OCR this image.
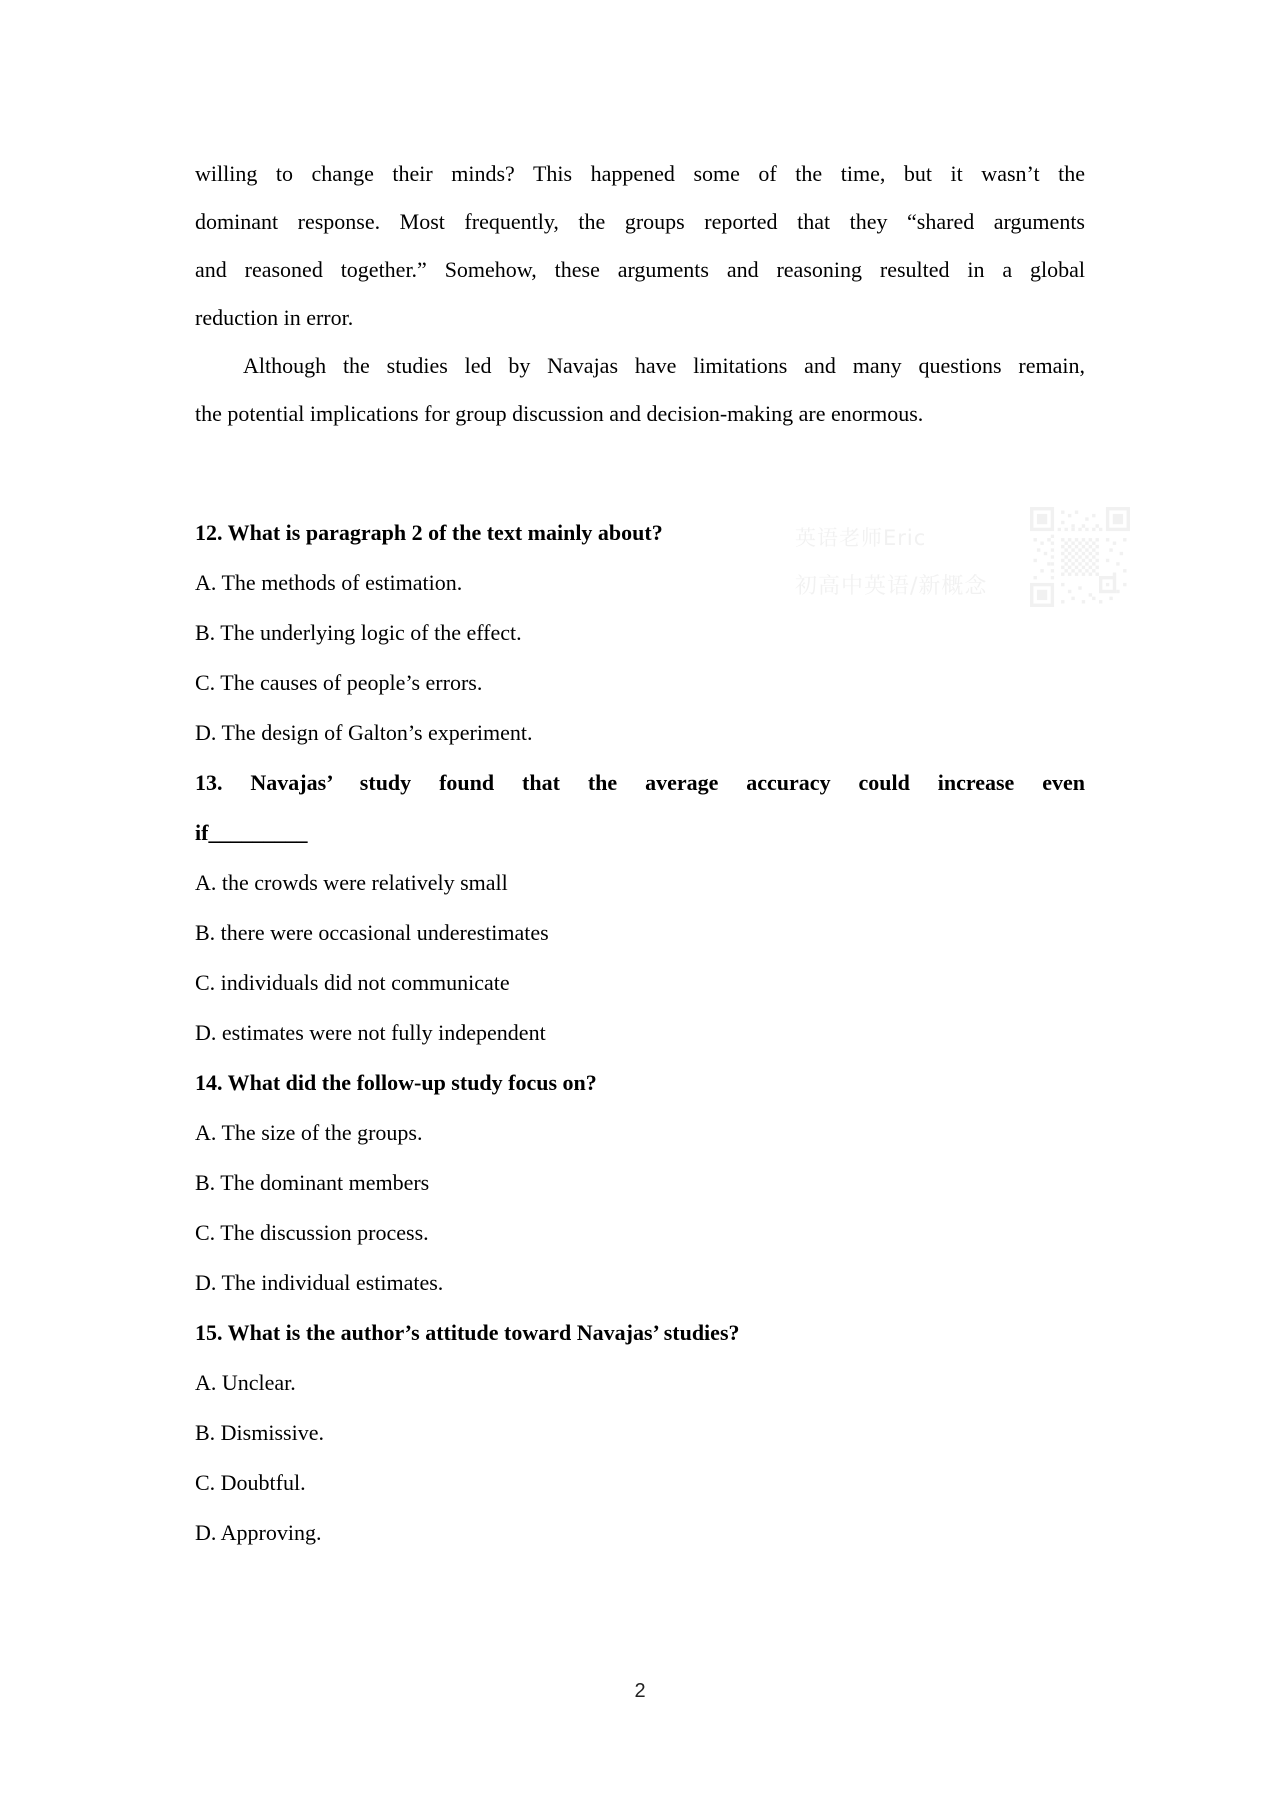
英语老师Eric
初高中英语/新概念
willing to change their minds? This happened some of the time, but it wasn’t the
dominant response. Most frequently, the groups reported that they “shared arguments
and reasoned together.” Somehow, these arguments and reasoning resulted in a global
reduction in error.
Although the studies led by Navajas have limitations and many questions remain,
the potential implications for group discussion and decision-making are enormous.
12. What is paragraph 2 of the text mainly about?
A. The methods of estimation.
B. The underlying logic of the effect.
C. The causes of people’s errors.
D. The design of Galton’s experiment.
13. Navajas’ study found that the average accuracy could increase even
if_________
A. the crowds were relatively small
B. there were occasional underestimates
C. individuals did not communicate
D. estimates were not fully independent
14. What did the follow-up study focus on?
A. The size of the groups.
B. The dominant members
C. The discussion process.
D. The individual estimates.
15. What is the author’s attitude toward Navajas’ studies?
A. Unclear.
B. Dismissive.
C. Doubtful.
D. Approving.
2
